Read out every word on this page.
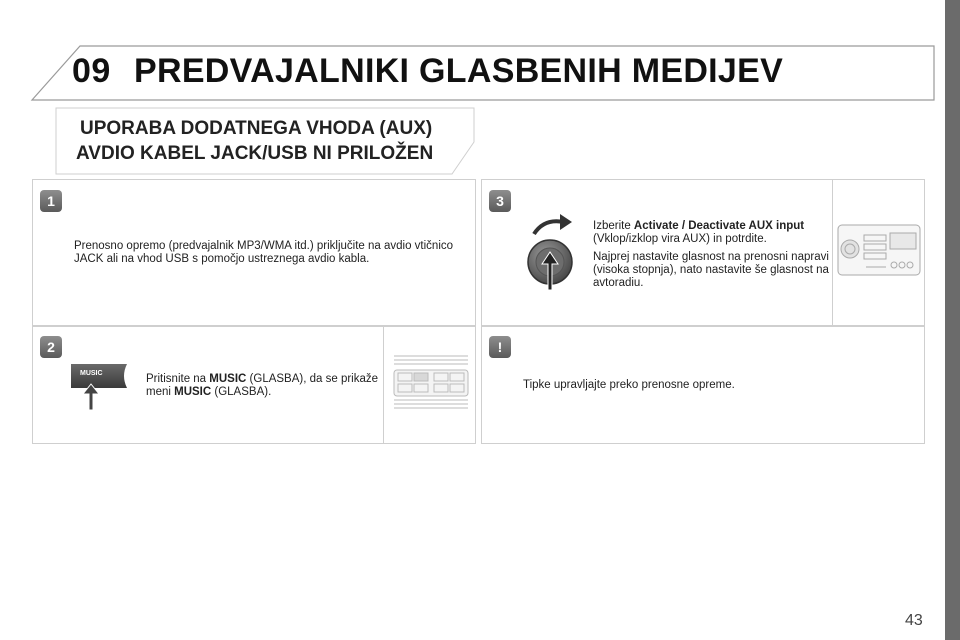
09 PREDVAJALNIKI GLASBENIH MEDIJEV
UPORABA DODATNEGA VHODA (AUX)
AVDIO KABEL JACK/USB NI PRILOŽEN
1
2
3
!
Prenosno opremo (predvajalnik MP3/WMA itd.) priključite na avdio vtičnico JACK ali na vhod USB s pomočjo ustreznega avdio kabla.
MUSIC	Pritisnite na MUSIC (GLASBA), da se prikaže meni MUSIC (GLASBA).
Izberite Activate / Deactivate AUX input (Vklop/izklop vira AUX) in potrdite.
Najprej nastavite glasnost na prenosni napravi (visoka stopnja), nato nastavite še glasnost na avtoradiu.
Tipke upravljajte preko prenosne opreme.
43
